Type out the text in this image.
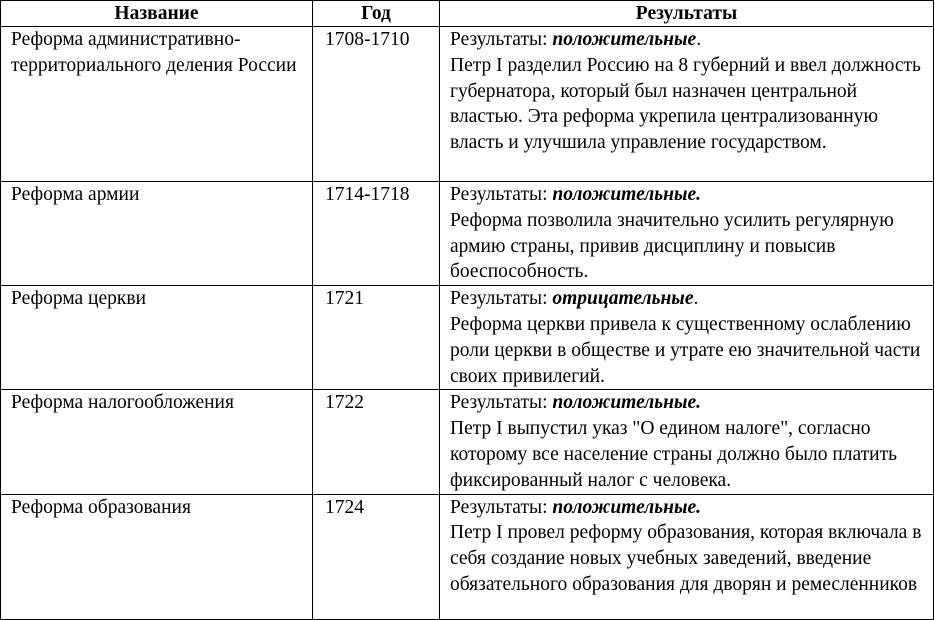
Название	Год	Результаты
Реформа административно-территориального деления России	1708-1710	Результаты: положительные.
Петр I разделил Россию на 8 губерний и ввел должность губернатора, который был назначен центральной властью. Эта реформа укрепила централизованную власть и улучшила управление государством.
Реформа армии	1714-1718	Результаты: положительные.
Реформа позволила значительно усилить регулярную армию страны, привив дисциплину и повысив боеспособность.
Реформа церкви	1721	Результаты: отрицательные.
Реформа церкви привела к существенному ослаблению роли церкви в обществе и утрате ею значительной части своих привилегий.
Реформа налогообложения	1722	Результаты: положительные.
Петр I выпустил указ "О едином налоге", согласно которому все население страны должно было платить фиксированный налог с человека.
Реформа образования	1724	Результаты: положительные.
Петр I провел реформу образования, которая включала в себя создание новых учебных заведений, введение обязательного образования для дворян и ремесленников
